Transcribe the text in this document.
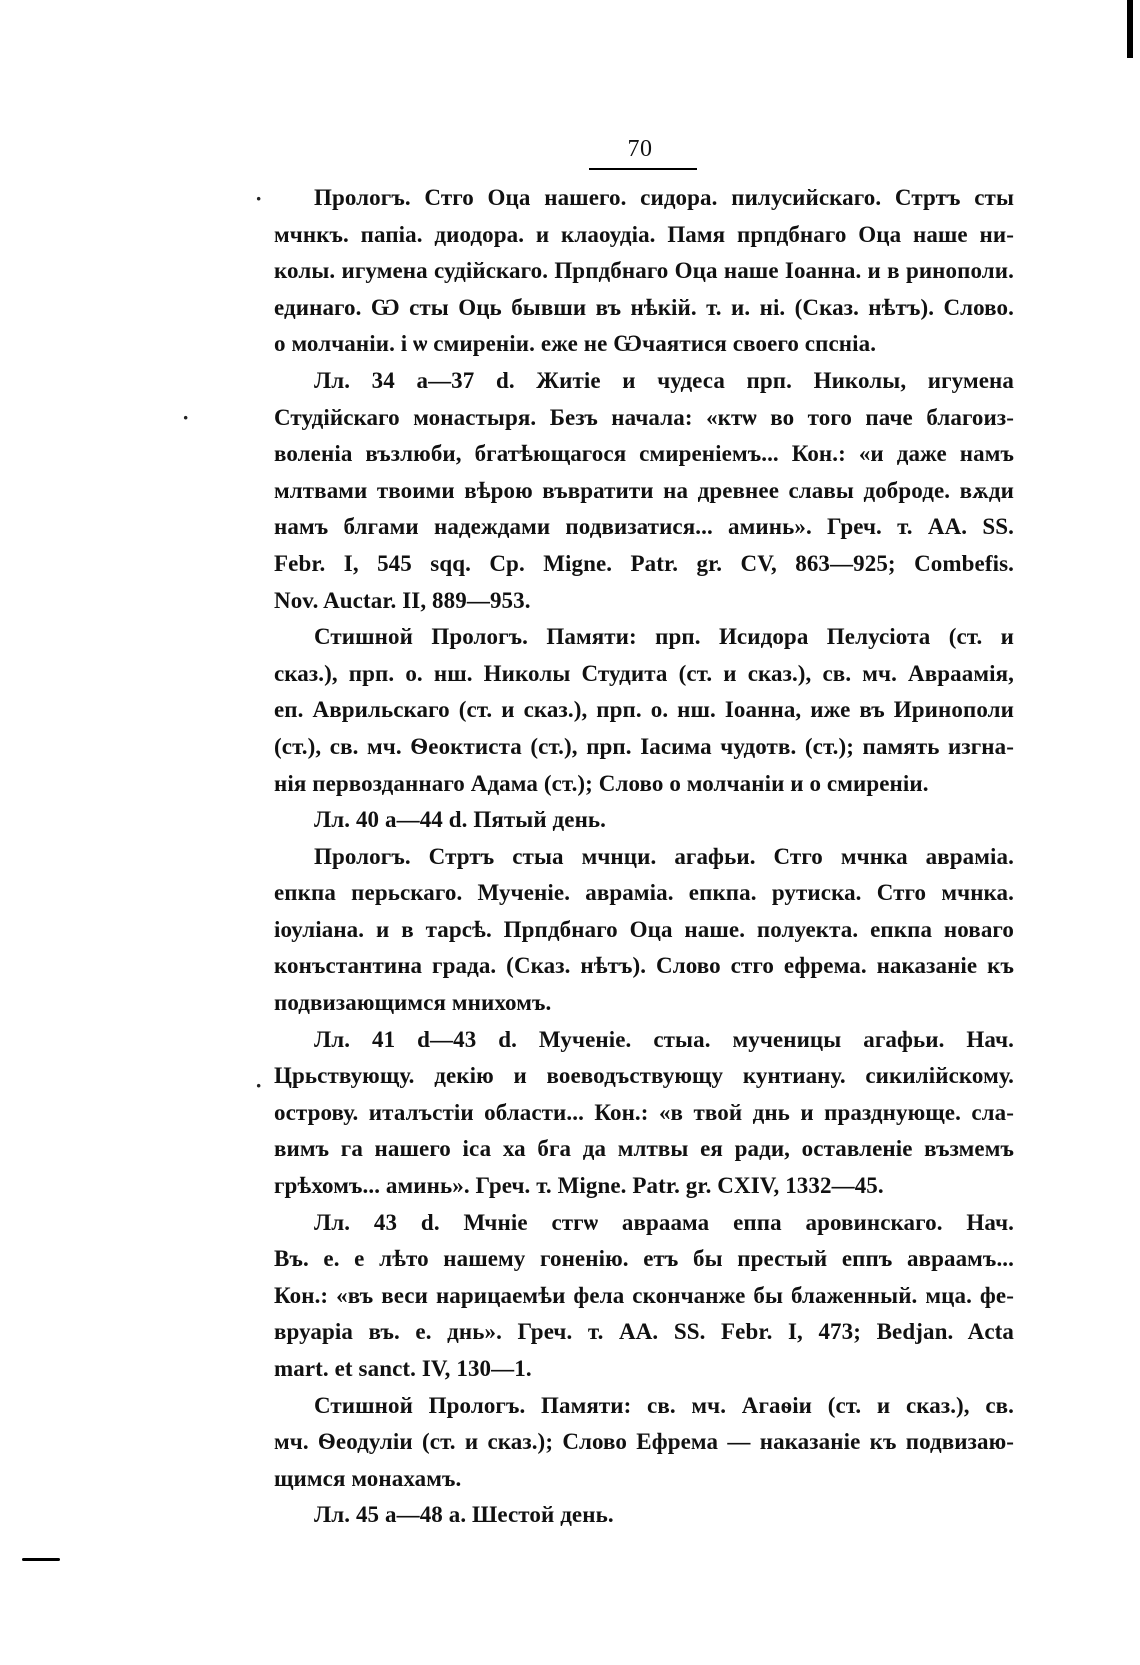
70
·
·
·
Прологъ. Стго Оца нашего. сидора. пилусийскаго. Стртъ сты
мчнкъ. папіа. диодора. и клаоудіа. Памя прпдбнаго Оца наше ни-
колы. игумена судійскаго. Прпдбнаго Оца наше Іоанна. и в ринополи.
единаго. Ѡ сты Оць бывши въ нѣкій. т. и. ні. (Сказ. нѣтъ). Слово.
о молчаніи. і ѡ смиреніи. еже не Ѡчаятися своего спсніа.
Лл. 34 а—37 d. Житіе и чудеса прп. Николы, игумена
Студійскаго монастыря. Безъ начала: «ктѡ во того паче благоиз-
воленіа възлюби, бгатѣющагося смиреніемъ... Кон.: «и даже намъ
млтвами твоими вѣрою въвратити на древнее славы доброде. вѫди
намъ блгами надеждами подвизатися... аминь». Греч. т. АА. SS.
Febr. I, 545 sqq. Ср. Migne. Patr. gr. CV, 863—925; Combefis.
Nov. Auctar. II, 889—953.
Стишной Прологъ. Памяти: прп. Исидора Пелусіота (ст. и
сказ.), прп. о. нш. Николы Студита (ст. и сказ.), св. мч. Авраамія,
еп. Аврильскаго (ст. и сказ.), прп. о. нш. Іоанна, иже въ Иринополи
(ст.), св. мч. Ѳеоктиста (ст.), прп. Іасима чудотв. (ст.); память изгна-
нія первозданнаго Адама (ст.); Слово о молчаніи и о смиреніи.
Лл. 40 а—44 d. Пятый день.
Прологъ. Стртъ стыа мчнци. агафьи. Стго мчнка авраміа.
епкпа перьскаго. Мученіе. авраміа. епкпа. рутиска. Стго мчнка.
іоуліана. и в тарсѣ. Прпдбнаго Оца наше. полуекта. епкпа новаго
конъстантина града. (Сказ. нѣтъ). Слово стго ефрема. наказаніе къ
подвизающимся мнихомъ.
Лл. 41 d—43 d. Мученіе. стыа. мученицы агафьи. Нач.
Црьствующу. декію и воеводъствующу кунтиану. сикилійскому.
острову. италъстіи области... Кон.: «в твой днь и празднующе. сла-
вимъ га нашего іса ха бга да млтвы ея ради, оставленіе възмемъ
грѣхомъ... аминь». Греч. т. Migne. Patr. gr. CXIV, 1332—45.
Лл. 43 d. Мчніе стгѡ авраама еппа аровинскаго. Нач.
Въ. е. е лѣто нашему гоненію. етъ бы престый еппъ авраамъ...
Кон.: «въ веси нарицаемѣи фела скончанже бы блаженный. мца. фе-
вруаріа въ. е. днь». Греч. т. АА. SS. Febr. I, 473; Bedjan. Acta
mart. et sanct. IV, 130—1.
Стишной Прологъ. Памяти: св. мч. Агаѳіи (ст. и сказ.), св.
мч. Ѳеодуліи (ст. и сказ.); Слово Ефрема — наказаніе къ подвизаю-
щимся монахамъ.
Лл. 45 а—48 а. Шестой день.
